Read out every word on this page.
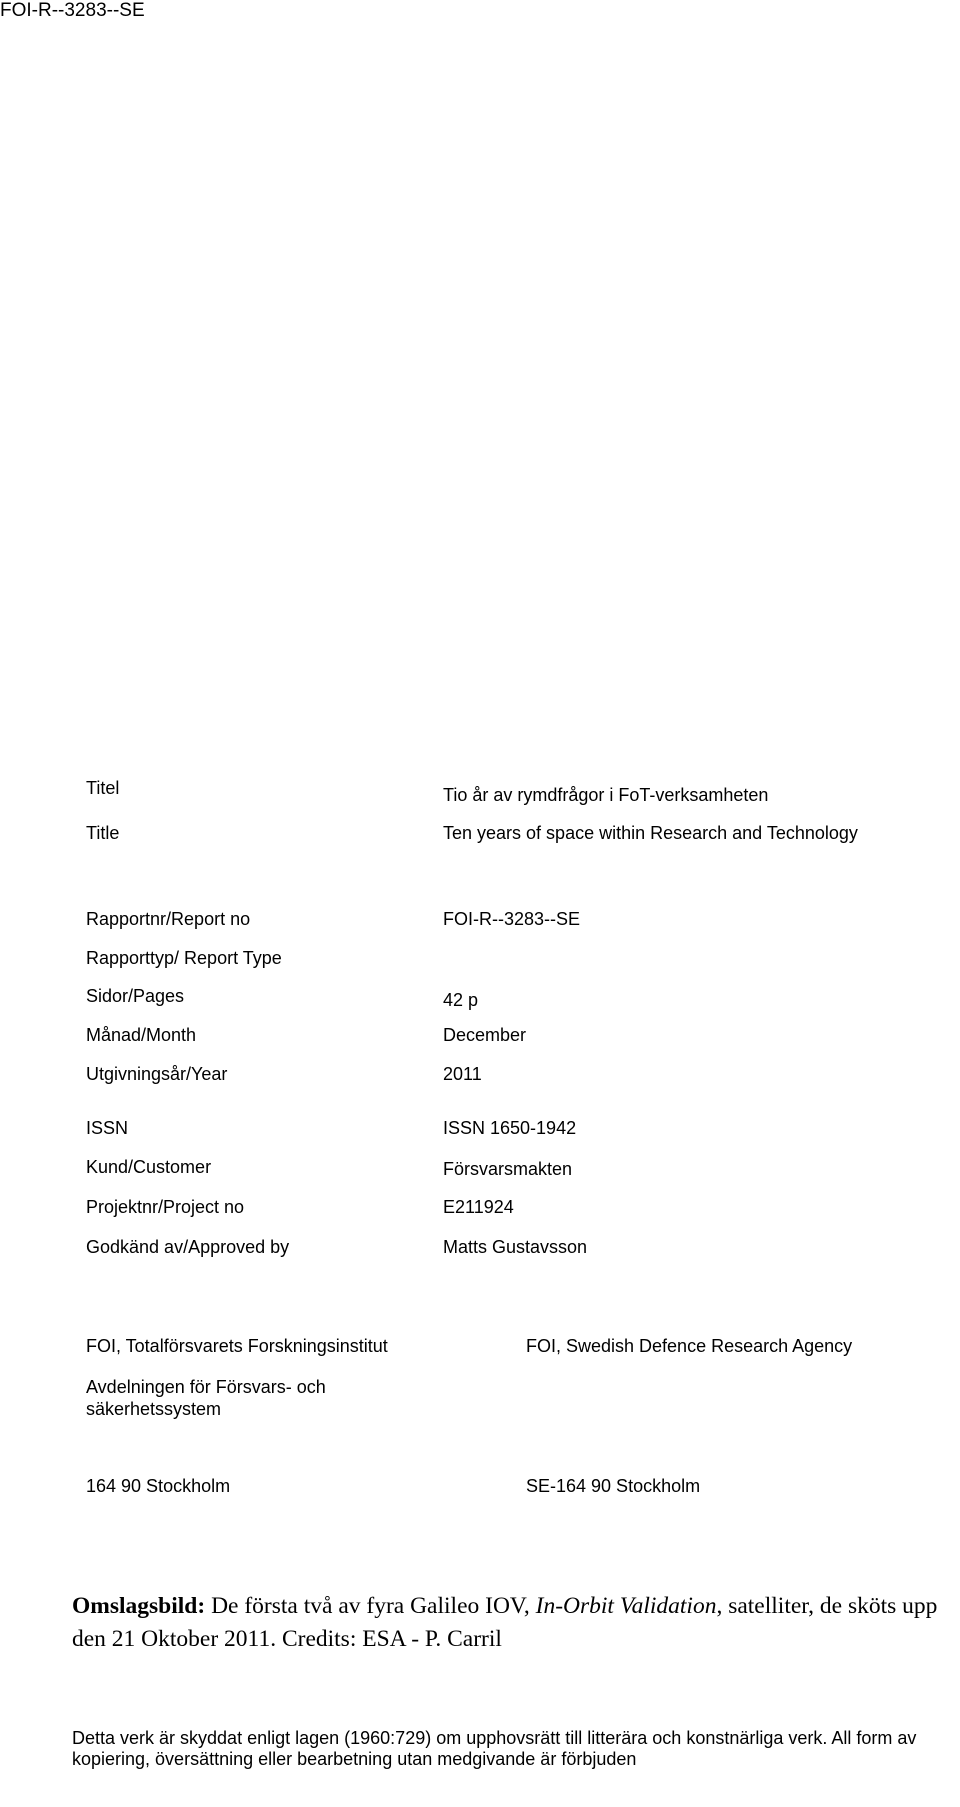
FOI-R--3283--SE
Titel	Tio år av rymdfrågor i FoT-verksamheten
Title	Ten years of space within Research and Technology
Rapportnr/Report no	FOI-R--3283--SE
Rapporttyp/ Report Type
Sidor/Pages	42 p
Månad/Month	December
Utgivningsår/Year	2011
ISSN	ISSN 1650-1942
Kund/Customer	Försvarsmakten
Projektnr/Project no	E211924
Godkänd av/Approved by	Matts Gustavsson
FOI, Totalförsvarets Forskningsinstitut	FOI, Swedish Defence Research Agency
Avdelningen för Försvars- och säkerhetssystem
164 90 Stockholm	SE-164 90 Stockholm
Omslagsbild: De första två av fyra Galileo IOV, In-Orbit Validation, satelliter, de sköts upp den 21 Oktober 2011. Credits: ESA - P. Carril
Detta verk är skyddat enligt lagen (1960:729) om upphovsrätt till litterära och konstnärliga verk. All form av kopiering, översättning eller bearbetning utan medgivande är förbjuden
